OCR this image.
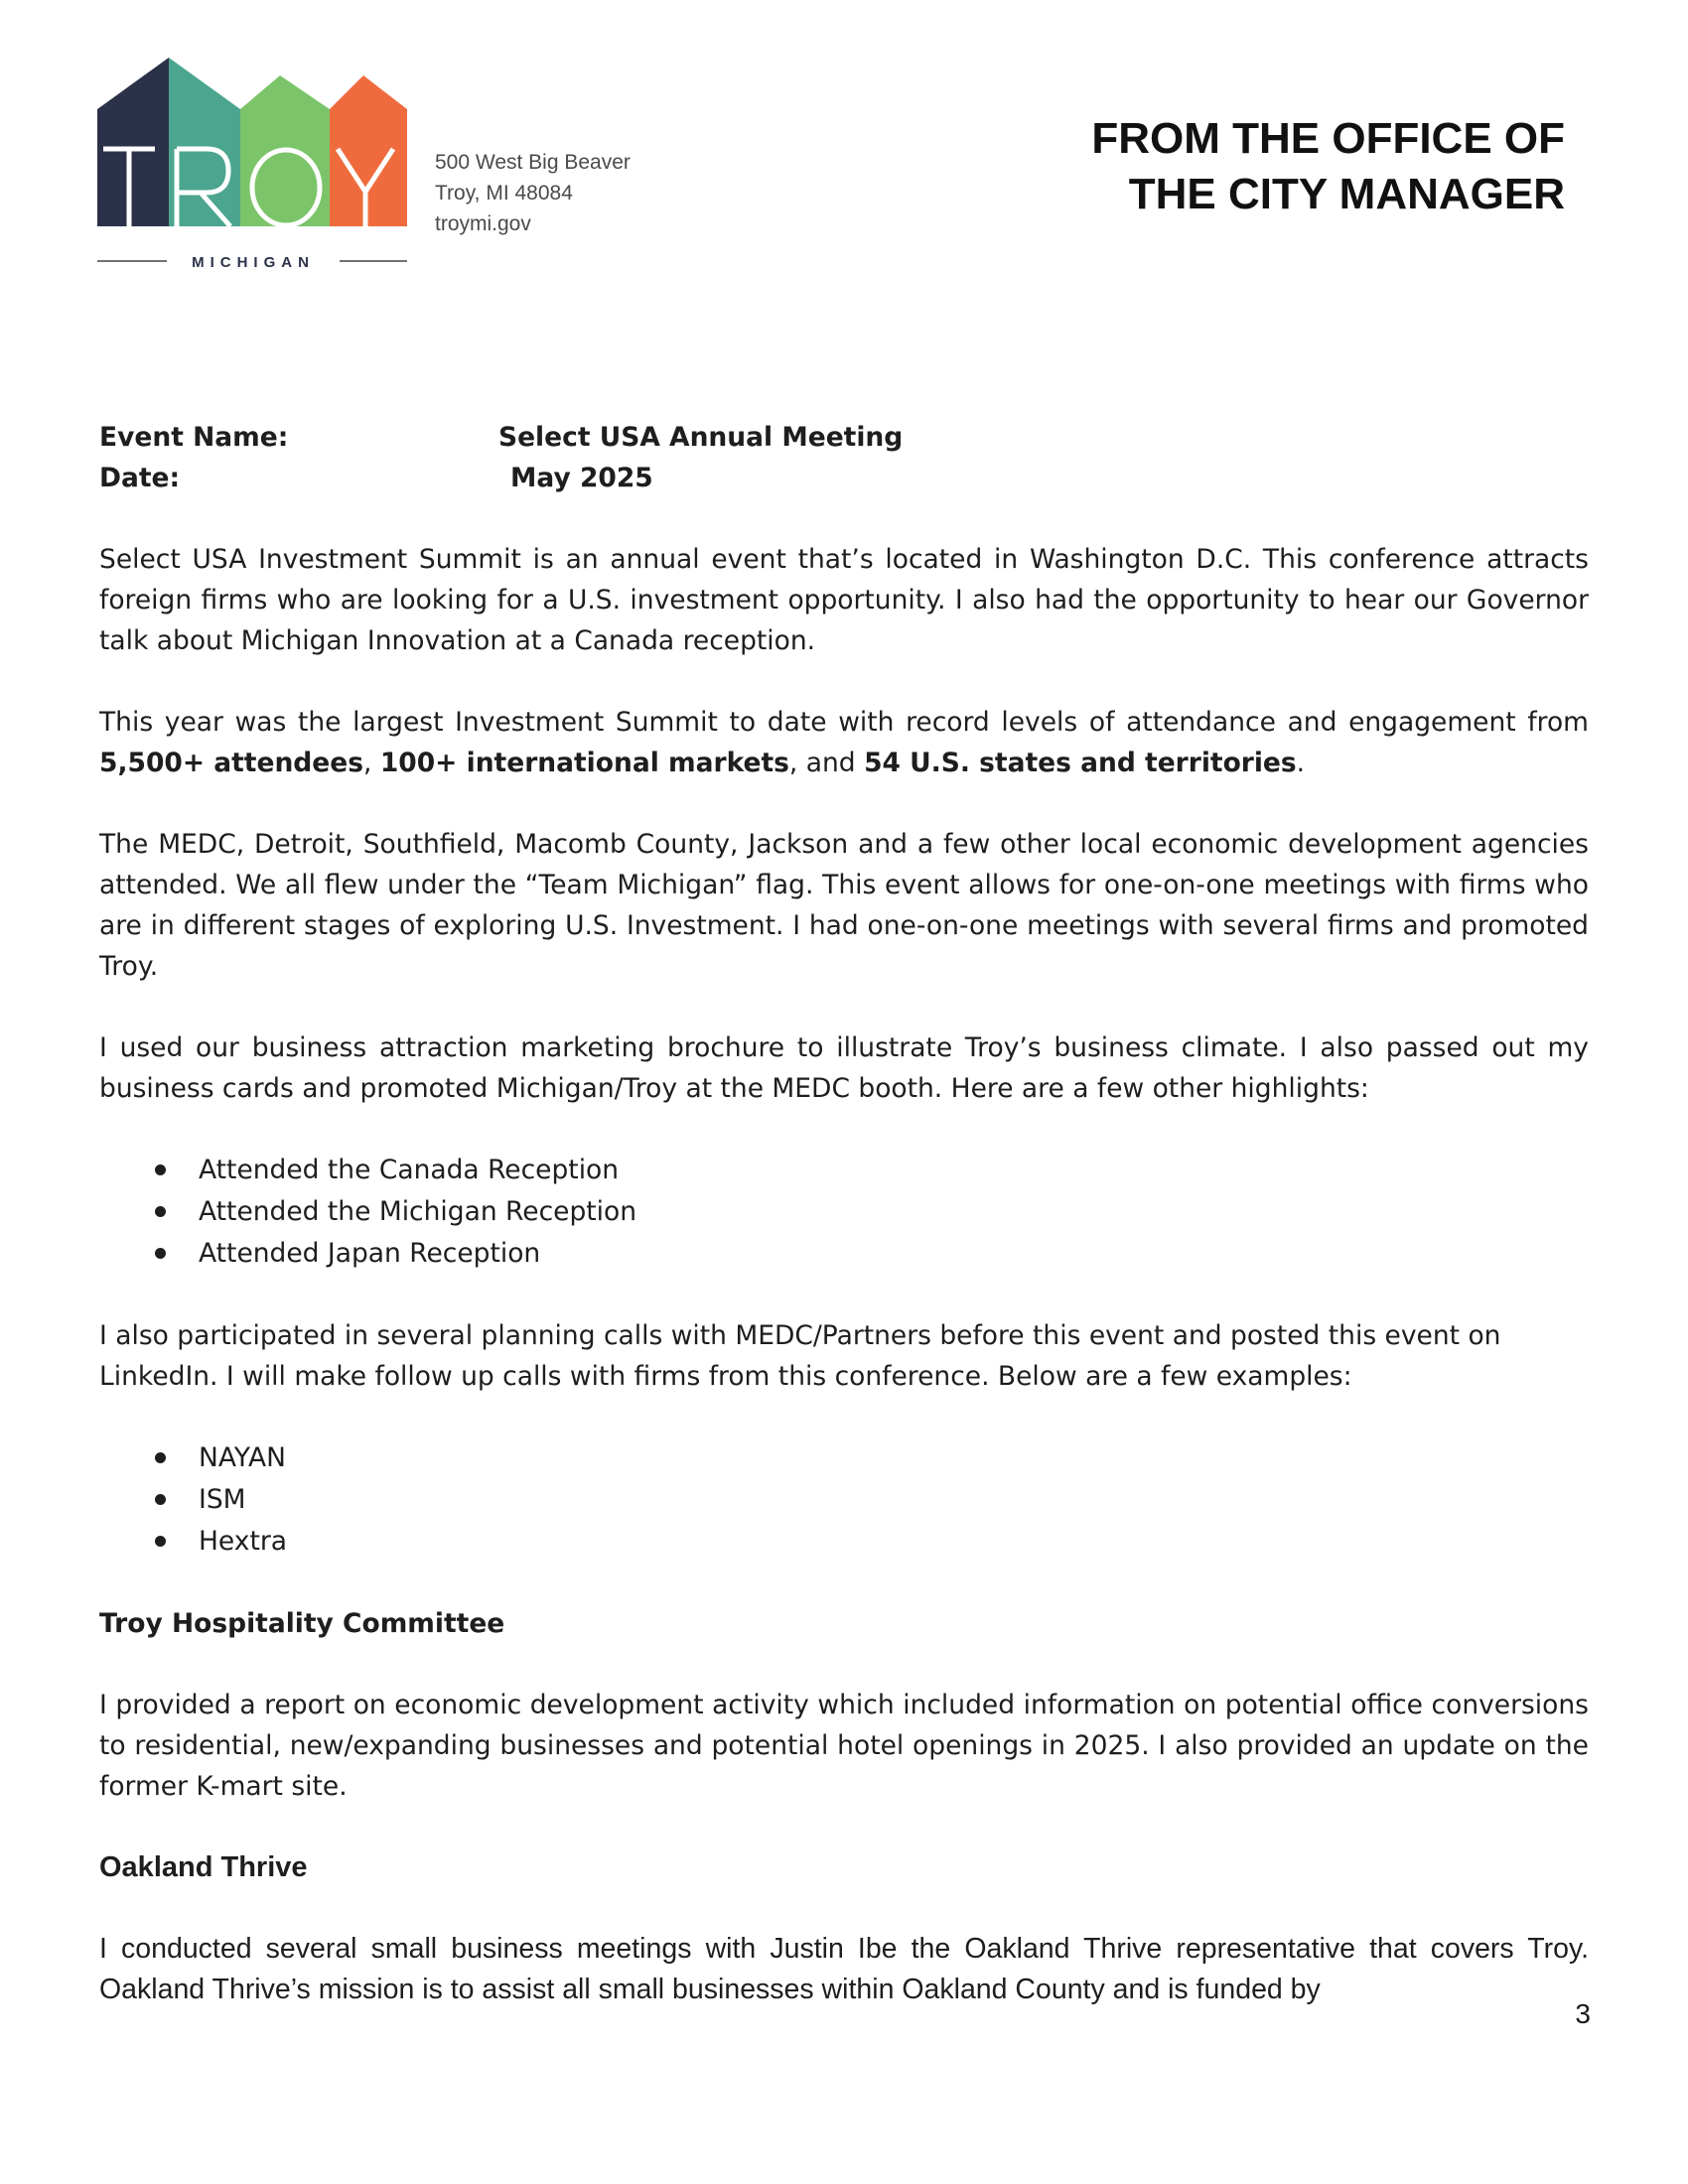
MICHIGAN
500 West Big Beaver
Troy, MI 48084
troymi.gov
FROM THE OFFICE OF
THE CITY MANAGER
Event Name:	Select USA Annual Meeting
Date:	May 2025

Select USA Investment Summit is an annual event that’s located in Washington D.C. This conference attracts foreign firms who are looking for a U.S. investment opportunity. I also had the opportunity to hear our Governor talk about Michigan Innovation at a Canada reception.

This year was the largest Investment Summit to date with record levels of attendance and engagement from 5,500+ attendees, 100+ international markets, and 54 U.S. states and territories.

The MEDC, Detroit, Southfield, Macomb County, Jackson and a few other local economic development agencies attended. We all flew under the “Team Michigan” flag. This event allows for one-on-one meetings with firms who are in different stages of exploring U.S. Investment. I had one-on-one meetings with several firms and promoted Troy.

I used our business attraction marketing brochure to illustrate Troy’s business climate. I also passed out my business cards and promoted Michigan/Troy at the MEDC booth. Here are a few other highlights:

Attended the Canada Reception
Attended the Michigan Reception
Attended Japan Reception

I also participated in several planning calls with MEDC/Partners before this event and posted this event on LinkedIn. I will make follow up calls with firms from this conference. Below are a few examples:

NAYAN
ISM
Hextra
Troy Hospitality Committee

I provided a report on economic development activity which included information on potential office conversions to residential, new/expanding businesses and potential hotel openings in 2025. I also provided an update on the former K-mart site.

Oakland Thrive

I conducted several small business meetings with Justin Ibe the Oakland Thrive representative that covers Troy. Oakland Thrive’s mission is to assist all small businesses within Oakland County and is funded by

3
